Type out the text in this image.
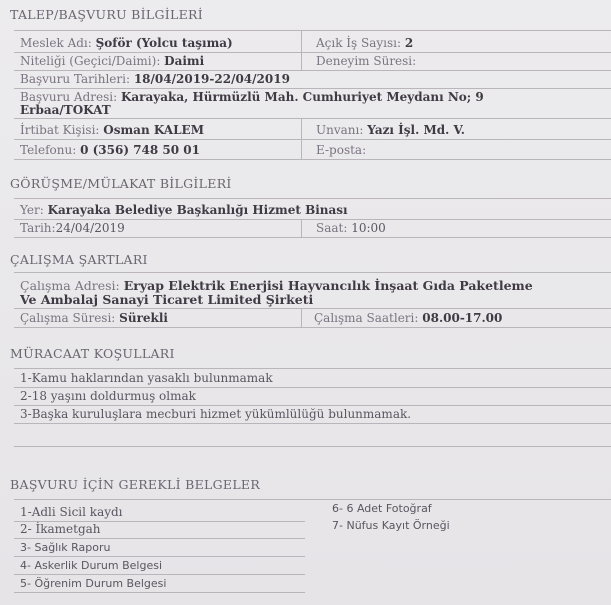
TALEP/BAŞVURU BİLGİLERİ
Meslek Adı: Şoför (Yolcu taşıma)	Açık İş Sayısı: 2
Niteliği (Geçici/Daimi): Daimi	Deneyim Süresi:
Başvuru Tarihleri: 18/04/2019-22/04/2019
Başvuru Adresi: Karayaka, Hürmüzlü Mah. Cumhuriyet Meydanı No; 9
Erbaa/TOKAT
İrtibat Kişisi: Osman KALEM	Unvanı: Yazı İşl. Md. V.
Telefonu: 0 (356) 748 50 01	E-posta:
GÖRÜŞME/MÜLAKAT BİLGİLERİ
Yer: Karayaka Belediye Başkanlığı Hizmet Binası
Tarih:24/04/2019	Saat: 10:00
ÇALIŞMA ŞARTLARI
Çalışma Adresi: Eryap Elektrik Enerjisi Hayvancılık İnşaat Gıda Paketleme
Ve Ambalaj Sanayi Ticaret Limited Şirketi
Çalışma Süresi: Sürekli	Çalışma Saatleri: 08.00-17.00
MÜRACAAT KOŞULLARI
1-Kamu haklarından yasaklı bulunmamak
2-18 yaşını doldurmuş olmak
3-Başka kuruluşlara mecburi hizmet yükümlülüğü bulunmamak.
BAŞVURU İÇİN GEREKLİ BELGELER
1-Adli Sicil kaydı
2- İkametgah
3- Sağlık Raporu
4- Askerlik Durum Belgesi
5- Öğrenim Durum Belgesi
6- 6 Adet Fotoğraf
7- Nüfus Kayıt Örneği
